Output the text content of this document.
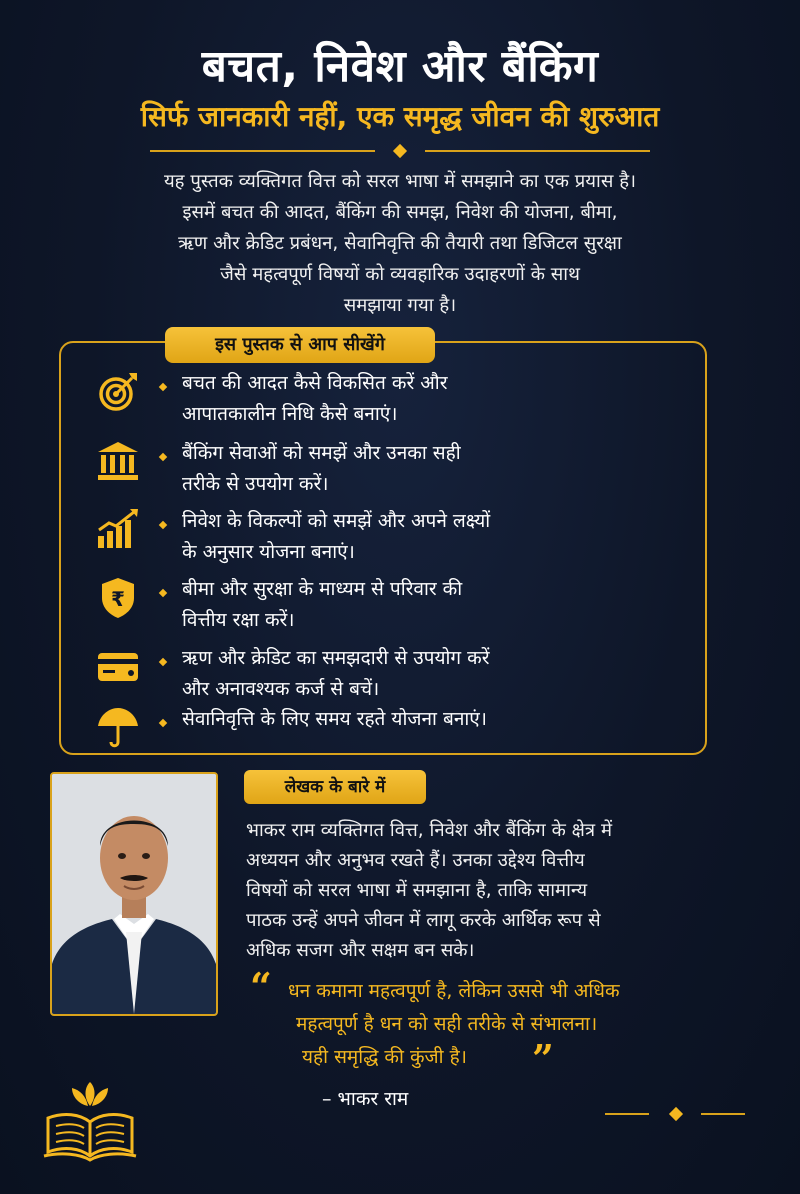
बचत, निवेश और बैंकिंग
सिर्फ जानकारी नहीं, एक समृद्ध जीवन की शुरुआत
यह पुस्तक व्यक्तिगत वित्त को सरल भाषा में समझाने का एक प्रयास है।
इसमें बचत की आदत, बैंकिंग की समझ, निवेश की योजना, बीमा,
ऋण और क्रेडिट प्रबंधन, सेवानिवृत्ति की तैयारी तथा डिजिटल सुरक्षा
जैसे महत्वपूर्ण विषयों को व्यवहारिक उदाहरणों के साथ
समझाया गया है।
इस पुस्तक से आप सीखेंगे
बचत की आदत कैसे विकसित करें और
आपातकालीन निधि कैसे बनाएं।
बैंकिंग सेवाओं को समझें और उनका सही
तरीके से उपयोग करें।
निवेश के विकल्पों को समझें और अपने लक्ष्यों
के अनुसार योजना बनाएं।
₹	बीमा और सुरक्षा के माध्यम से परिवार की
वित्तीय रक्षा करें।
ऋण और क्रेडिट का समझदारी से उपयोग करें
और अनावश्यक कर्ज से बचें।
सेवानिवृत्ति के लिए समय रहते योजना बनाएं।
लेखक के बारे में
भाकर राम व्यक्तिगत वित्त, निवेश और बैंकिंग के क्षेत्र में
अध्ययन और अनुभव रखते हैं। उनका उद्देश्य वित्तीय
विषयों को सरल भाषा में समझाना है, ताकि सामान्य
पाठक उन्हें अपने जीवन में लागू करके आर्थिक रूप से
अधिक सजग और सक्षम बन सके।
“ धन कमाना महत्वपूर्ण है, लेकिन उससे भी अधिक
महत्वपूर्ण है धन को सही तरीके से संभालना।
यही समृद्धि की कुंजी है।	”
– भाकर राम
